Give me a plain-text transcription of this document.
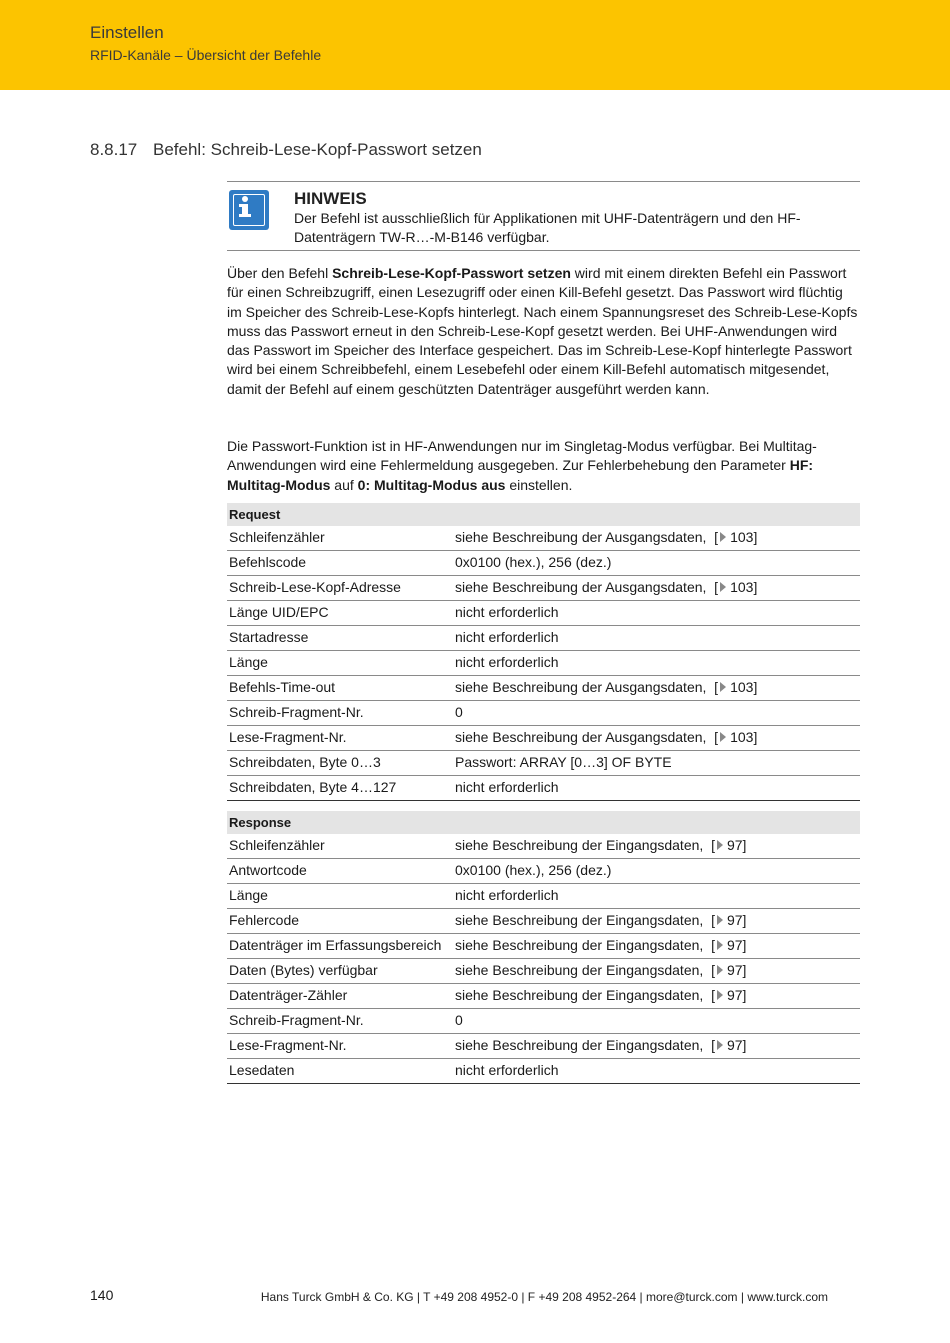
Einstellen
RFID-Kanäle – Übersicht der Befehle
8.8.17 Befehl: Schreib-Lese-Kopf-Passwort setzen
HINWEIS
Der Befehl ist ausschließlich für Applikationen mit UHF-Datenträgern und den HF-Datenträgern TW-R…-M-B146 verfügbar.
Über den Befehl Schreib-Lese-Kopf-Passwort setzen wird mit einem direkten Befehl ein Passwort für einen Schreibzugriff, einen Lesezugriff oder einen Kill-Befehl gesetzt. Das Passwort wird flüchtig im Speicher des Schreib-Lese-Kopfs hinterlegt. Nach einem Spannungsreset des Schreib-Lese-Kopfs muss das Passwort erneut in den Schreib-Lese-Kopf gesetzt werden. Bei UHF-Anwendungen wird das Passwort im Speicher des Interface gespeichert. Das im Schreib-Lese-Kopf hinterlegte Passwort wird bei einem Schreibbefehl, einem Lesebefehl oder einem Kill-Befehl automatisch mitgesendet, damit der Befehl auf einem geschützten Datenträger ausgeführt werden kann.
Die Passwort-Funktion ist in HF-Anwendungen nur im Singletag-Modus verfügbar. Bei Multitag-Anwendungen wird eine Fehlermeldung ausgegeben. Zur Fehlerbehebung den Parameter HF: Multitag-Modus auf 0: Multitag-Modus aus einstellen.
Request	
Schleifenzähler	siehe Beschreibung der Ausgangsdaten,  [ 103]
Befehlscode	0x0100 (hex.), 256 (dez.)
Schreib-Lese-Kopf-Adresse	siehe Beschreibung der Ausgangsdaten,  [ 103]
Länge UID/EPC	nicht erforderlich
Startadresse	nicht erforderlich
Länge	nicht erforderlich
Befehls-Time-out	siehe Beschreibung der Ausgangsdaten,  [ 103]
Schreib-Fragment-Nr.	0
Lese-Fragment-Nr.	siehe Beschreibung der Ausgangsdaten,  [ 103]
Schreibdaten, Byte 0…3	Passwort: ARRAY [0…3] OF BYTE
Schreibdaten, Byte 4…127	nicht erforderlich
Response	
Schleifenzähler	siehe Beschreibung der Eingangsdaten,  [ 97]
Antwortcode	0x0100 (hex.), 256 (dez.)
Länge	nicht erforderlich
Fehlercode	siehe Beschreibung der Eingangsdaten,  [ 97]
Datenträger im Erfassungsbereich	siehe Beschreibung der Eingangsdaten,  [ 97]
Daten (Bytes) verfügbar	siehe Beschreibung der Eingangsdaten,  [ 97]
Datenträger-Zähler	siehe Beschreibung der Eingangsdaten,  [ 97]
Schreib-Fragment-Nr.	0
Lese-Fragment-Nr.	siehe Beschreibung der Eingangsdaten,  [ 97]
Lesedaten	nicht erforderlich
140	Hans Turck GmbH & Co. KG | T +49 208 4952-0 | F +49 208 4952-264 | more@turck.com | www.turck.com
